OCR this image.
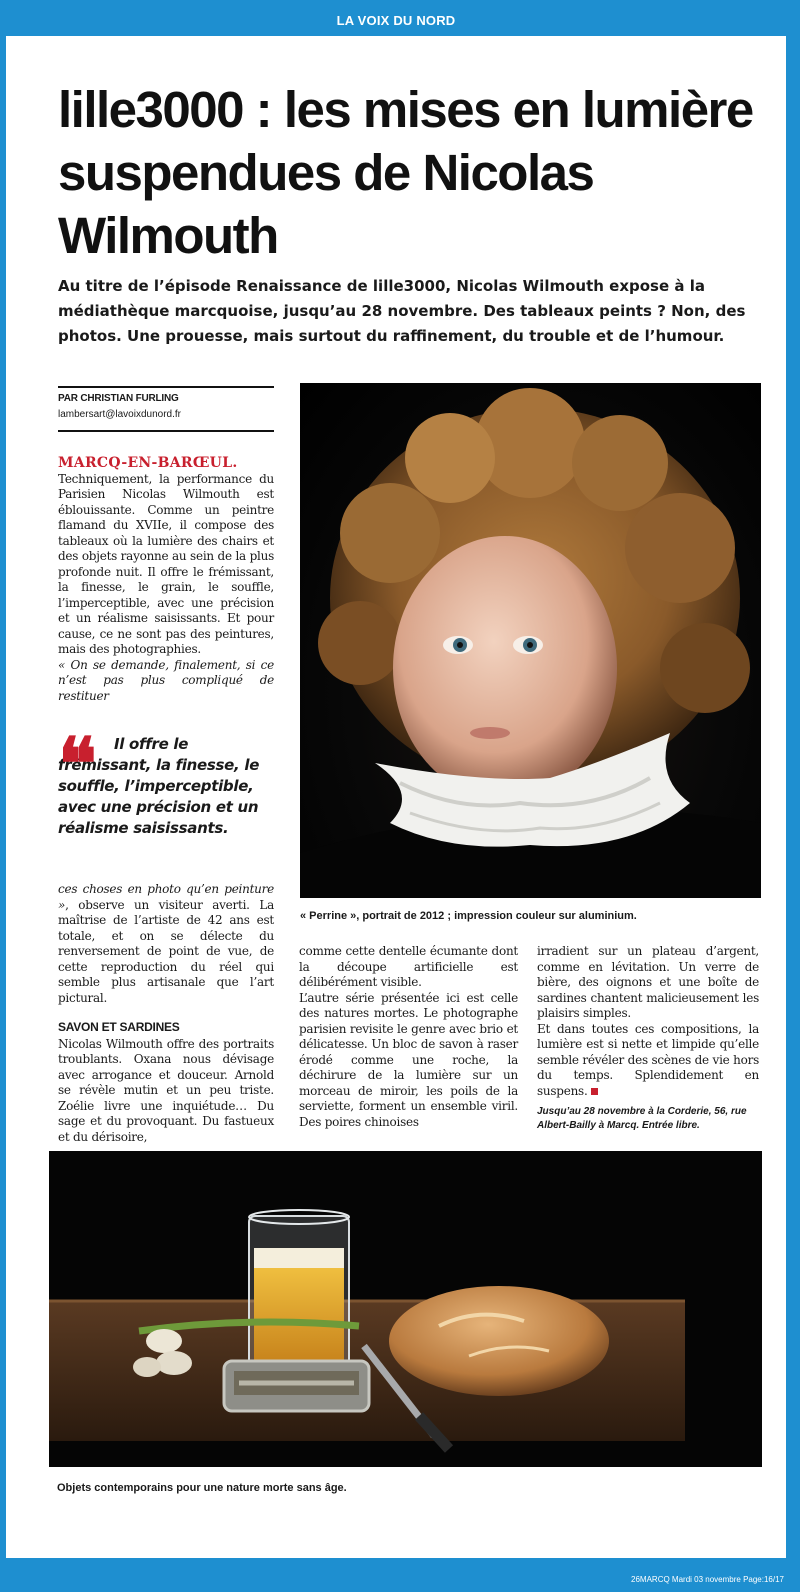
LA VOIX DU NORD
lille3000 : les mises en lumière suspendues de Nicolas Wilmouth

Au titre de l’épisode Renaissance de lille3000, Nicolas Wilmouth expose à la médiathèque marcquoise, jusqu’au 28 novembre. Des tableaux peints ? Non, des photos. Une prouesse, mais surtout du raffinement, du trouble et de l’humour.

PAR CHRISTIAN FURLING
lambersart@lavoixdunord.fr
MARCQ-EN-BARŒUL.

Techniquement, la performance du Parisien Nicolas Wilmouth est éblouissante. Comme un peintre flamand du XVIIe, il compose des tableaux où la lumière des chairs et des objets rayonne au sein de la plus profonde nuit. Il offre le frémissant, la finesse, le grain, le souffle, l’imperceptible, avec une précision et un réalisme saisissants. Et pour cause, ce ne sont pas des peintures, mais des photographies.

« On se demande, finalement, si ce n’est pas plus compliqué de restituer

❝	Il offre le frémissant, la finesse, le souffle, l’imperceptible, avec une précision et un réalisme saisissants.

ces choses en photo qu’en peinture », observe un visiteur averti. La maîtrise de l’artiste de 42 ans est totale, et on se délecte du renversement de point de vue, de cette reproduction du réel qui semble plus artisanale que l’art pictural.

SAVON ET SARDINES

Nicolas Wilmouth offre des portraits troublants. Oxana nous dévisage avec arrogance et douceur. Arnold se révèle mutin et un peu triste. Zoélie livre une inquiétude… Du sage et du provoquant. Du fastueux et du dérisoire,

« Perrine », portrait de 2012 ; impression couleur sur aluminium.

comme cette dentelle écumante dont la découpe artificielle est délibérément visible.

L’autre série présentée ici est celle des natures mortes. Le photographe parisien revisite le genre avec brio et délicatesse. Un bloc de savon à raser érodé comme une roche, la déchirure de la lumière sur un morceau de miroir, les poils de la serviette, forment un ensemble viril. Des poires chinoises

irradient sur un plateau d’argent, comme en lévitation. Un verre de bière, des oignons et une boîte de sardines chantent malicieusement les plaisirs simples.

Et dans toutes ces compositions, la lumière est si nette et limpide qu’elle semble révéler des scènes de vie hors du temps. Splendidement en suspens.

Jusqu’au 28 novembre à la Corderie, 56, rue Albert-Bailly à Marcq. Entrée libre.
Objets contemporains pour une nature morte sans âge.
26MARCQ Mardi 03 novembre Page:16/17
